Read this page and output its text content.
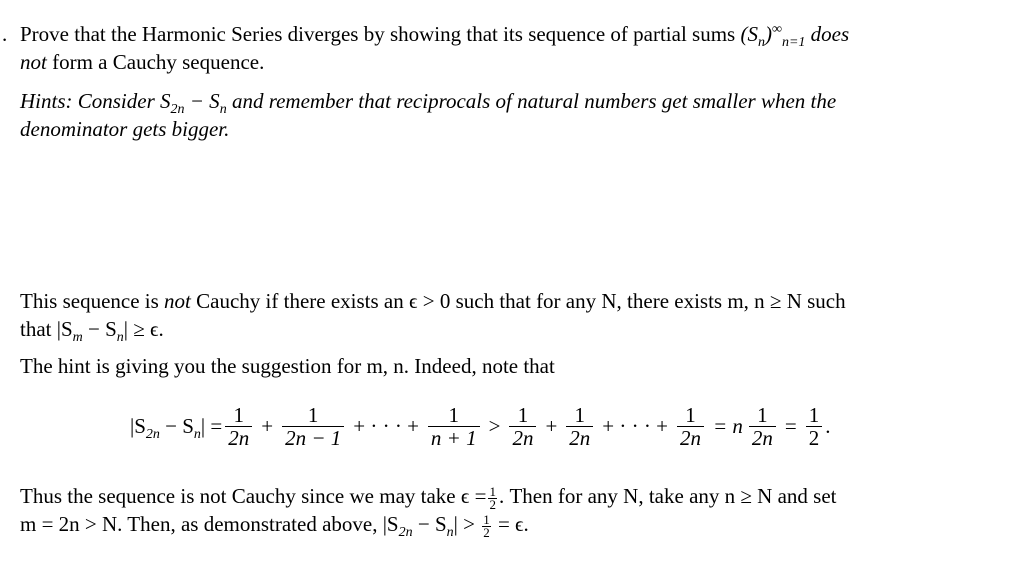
. Prove that the Harmonic Series diverges by showing that its sequence of partial sums $(S_n)^\infty_{n=1}$ does
not form a Cauchy sequence.
Hints: Consider $S_{2n} - S_n$ and remember that reciprocals of natural numbers get smaller when the
denominator gets bigger.
This sequence is not Cauchy if there exists an ϵ > 0 such that for any N, there exists m, n ≥ N such
that $|S_m - S_n| \ge \epsilon$.
The hint is giving you the suggestion for m, n. Indeed, note that
$|S_{2n} - S_n| = \frac{1}{2n} + \frac{1}{2n - 1}$ + · · · + $\frac{1}{n + 1} > \frac{1}{2n} + \frac{1}{2n}$ + · · · + $\frac{1}{2n} = n \frac{1}{2n} = \frac{1}{2}$ .
Thus the sequence is not Cauchy since we may take $\epsilon = \frac{1}{2}$ . Then for any N, take any n ≥ N and set
m = 2n > N. Then, as demonstrated above, $|S_{2n} - S_n| > \frac{1}{2} = \epsilon$.
